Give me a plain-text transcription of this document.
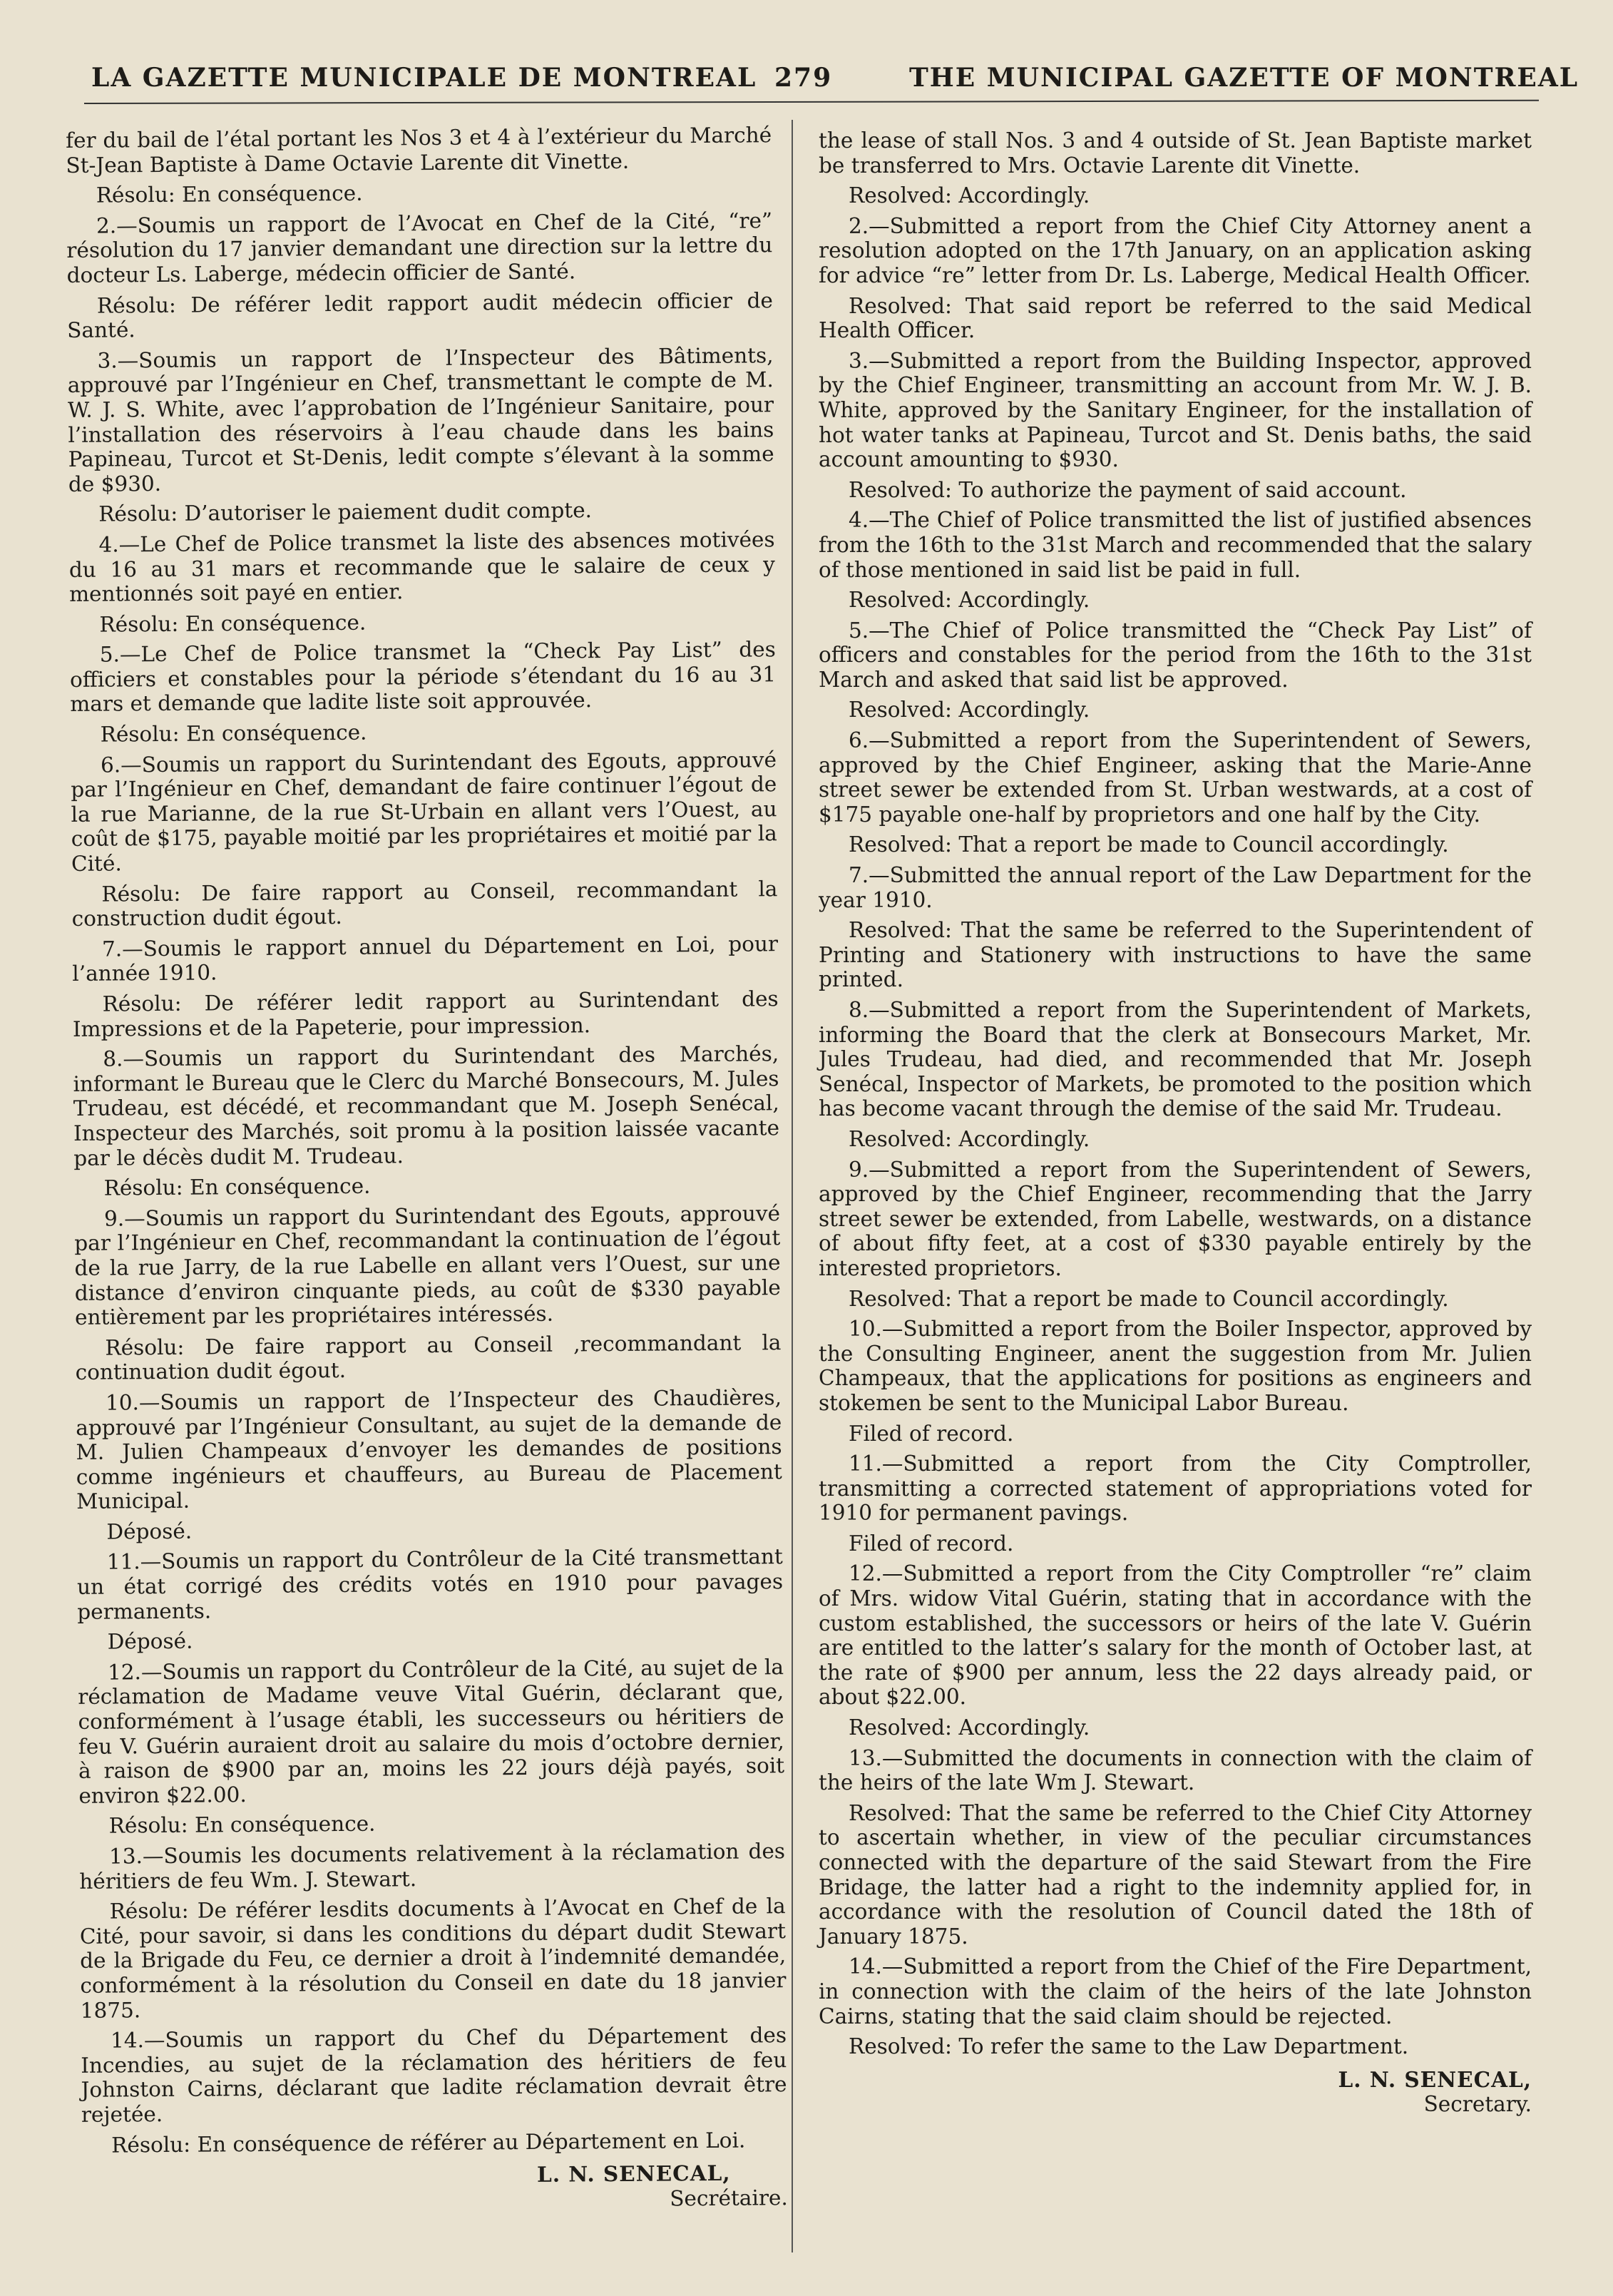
LA GAZETTE MUNICIPALE DE MONTREAL 279	THE MUNICIPAL GAZETTE OF MONTREAL

fer du bail de l’étal portant les Nos 3 et 4 à l’extérieur du Marché St-Jean Baptiste à Dame Octavie Larente dit Vinette.

Résolu: En conséquence.

2.—Soumis un rapport de l’Avocat en Chef de la Cité, “re” résolution du 17 janvier demandant une direction sur la lettre du docteur Ls. Laberge, médecin officier de Santé.

Résolu: De référer ledit rapport audit médecin officier de Santé.

3.—Soumis un rapport de l’Inspecteur des Bâtiments, approuvé par l’Ingénieur en Chef, transmettant le compte de M. W. J. S. White, avec l’approbation de l’Ingénieur Sanitaire, pour l’installation des réservoirs à l’eau chaude dans les bains Papineau, Turcot et St-Denis, ledit compte s’élevant à la somme de $930.

Résolu: D’autoriser le paiement dudit compte.

4.—Le Chef de Police transmet la liste des absences motivées du 16 au 31 mars et recommande que le salaire de ceux y mentionnés soit payé en entier.

Résolu: En conséquence.

5.—Le Chef de Police transmet la “Check Pay List” des officiers et constables pour la période s’étendant du 16 au 31 mars et demande que ladite liste soit approuvée.

Résolu: En conséquence.

6.—Soumis un rapport du Surintendant des Egouts, approuvé par l’Ingénieur en Chef, demandant de faire continuer l’égout de la rue Marianne, de la rue St-Urbain en allant vers l’Ouest, au coût de $175, payable moitié par les propriétaires et moitié par la Cité.

Résolu: De faire rapport au Conseil, recommandant la construction dudit égout.

7.—Soumis le rapport annuel du Département en Loi, pour l’année 1910.

Résolu: De référer ledit rapport au Surintendant des Impressions et de la Papeterie, pour impression.

8.—Soumis un rapport du Surintendant des Marchés, informant le Bureau que le Clerc du Marché Bonsecours, M. Jules Trudeau, est décédé, et recommandant que M. Joseph Senécal, Inspecteur des Marchés, soit promu à la position laissée vacante par le décès dudit M. Trudeau.

Résolu: En conséquence.

9.—Soumis un rapport du Surintendant des Egouts, approuvé par l’Ingénieur en Chef, recommandant la continuation de l’égout de la rue Jarry, de la rue Labelle en allant vers l’Ouest, sur une distance d’environ cinquante pieds, au coût de $330 payable entièrement par les propriétaires intéressés.

Résolu: De faire rapport au Conseil ,recommandant la continuation dudit égout.

10.—Soumis un rapport de l’Inspecteur des Chaudières, approuvé par l’Ingénieur Consultant, au sujet de la demande de M. Julien Champeaux d’envoyer les demandes de positions comme ingénieurs et chauffeurs, au Bureau de Placement Municipal.

Déposé.

11.—Soumis un rapport du Contrôleur de la Cité transmettant un état corrigé des crédits votés en 1910 pour pavages permanents.

Déposé.

12.—Soumis un rapport du Contrôleur de la Cité, au sujet de la réclamation de Madame veuve Vital Guérin, déclarant que, conformément à l’usage établi, les successeurs ou héritiers de feu V. Guérin auraient droit au salaire du mois d’octobre dernier, à raison de $900 par an, moins les 22 jours déjà payés, soit environ $22.00.

Résolu: En conséquence.

13.—Soumis les documents relativement à la réclamation des héritiers de feu Wm. J. Stewart.

Résolu: De référer lesdits documents à l’Avocat en Chef de la Cité, pour savoir, si dans les conditions du départ dudit Stewart de la Brigade du Feu, ce dernier a droit à l’indemnité demandée, conformément à la résolution du Conseil en date du 18 janvier 1875.

14.—Soumis un rapport du Chef du Département des Incendies, au sujet de la réclamation des héritiers de feu Johnston Cairns, déclarant que ladite réclamation devrait être rejetée.

Résolu: En conséquence de référer au Département en Loi.

L. N. SENECAL,

Secrétaire.

the lease of stall Nos. 3 and 4 outside of St. Jean Baptiste market be transferred to Mrs. Octavie Larente dit Vinette.

Resolved: Accordingly.

2.—Submitted a report from the Chief City Attorney anent a resolution adopted on the 17th January, on an application asking for advice “re” letter from Dr. Ls. Laberge, Medical Health Officer.

Resolved: That said report be referred to the said Medical Health Officer.

3.—Submitted a report from the Building Inspector, approved by the Chief Engineer, transmitting an account from Mr. W. J. B. White, approved by the Sanitary Engineer, for the installation of hot water tanks at Papineau, Turcot and St. Denis baths, the said account amounting to $930.

Resolved: To authorize the payment of said account.

4.—The Chief of Police transmitted the list of justified absences from the 16th to the 31st March and recommended that the salary of those mentioned in said list be paid in full.

Resolved: Accordingly.

5.—The Chief of Police transmitted the “Check Pay List” of officers and constables for the period from the 16th to the 31st March and asked that said list be approved.

Resolved: Accordingly.

6.—Submitted a report from the Superintendent of Sewers, approved by the Chief Engineer, asking that the Marie-Anne street sewer be extended from St. Urban westwards, at a cost of $175 payable one-half by proprietors and one half by the City.

Resolved: That a report be made to Council accordingly.

7.—Submitted the annual report of the Law Department for the year 1910.

Resolved: That the same be referred to the Superintendent of Printing and Stationery with instructions to have the same printed.

8.—Submitted a report from the Superintendent of Markets, informing the Board that the clerk at Bonsecours Market, Mr. Jules Trudeau, had died, and recommended that Mr. Joseph Senécal, Inspector of Markets, be promoted to the position which has become vacant through the demise of the said Mr. Trudeau.

Resolved: Accordingly.

9.—Submitted a report from the Superintendent of Sewers, approved by the Chief Engineer, recommending that the Jarry street sewer be extended, from Labelle, westwards, on a distance of about fifty feet, at a cost of $330 payable entirely by the interested proprietors.

Resolved: That a report be made to Council accordingly.

10.—Submitted a report from the Boiler Inspector, approved by the Consulting Engineer, anent the suggestion from Mr. Julien Champeaux, that the applications for positions as engineers and stokemen be sent to the Municipal Labor Bureau.

Filed of record.

11.—Submitted a report from the City Comptroller, transmitting a corrected statement of appropriations voted for 1910 for permanent pavings.

Filed of record.

12.—Submitted a report from the City Comptroller “re” claim of Mrs. widow Vital Guérin, stating that in accordance with the custom established, the successors or heirs of the late V. Guérin are entitled to the latter’s salary for the month of October last, at the rate of $900 per annum, less the 22 days already paid, or about $22.00.

Resolved: Accordingly.

13.—Submitted the documents in connection with the claim of the heirs of the late Wm J. Stewart.

Resolved: That the same be referred to the Chief City Attorney to ascertain whether, in view of the peculiar circumstances connected with the departure of the said Stewart from the Fire Bridage, the latter had a right to the indemnity applied for, in accordance with the resolution of Council dated the 18th of January 1875.

14.—Submitted a report from the Chief of the Fire Department, in connection with the claim of the heirs of the late Johnston Cairns, stating that the said claim should be rejected.

Resolved: To refer the same to the Law Department.

L. N. SENECAL,

Secretary.
